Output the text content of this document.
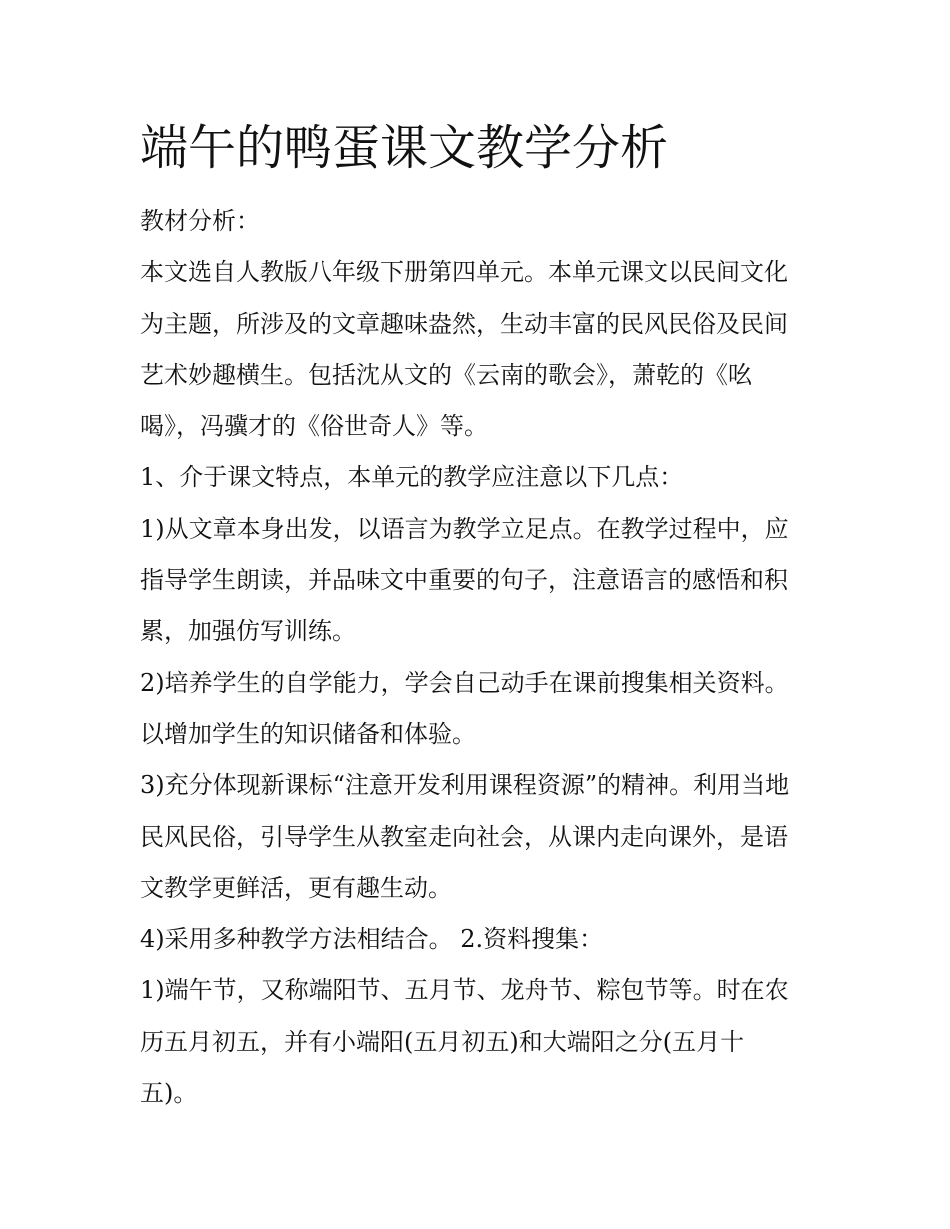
端午的鸭蛋课文教学分析
教材分析：
本文选自人教版八年级下册第四单元。本单元课文以民间文化
为主题，所涉及的文章趣味盎然，生动丰富的民风民俗及民间
艺术妙趣横生。包括沈从文的《云南的歌会》，萧乾的《吆
喝》，冯骥才的《俗世奇人》等。
1、介于课文特点，本单元的教学应注意以下几点：
1)从文章本身出发，以语言为教学立足点。在教学过程中，应
指导学生朗读，并品味文中重要的句子，注意语言的感悟和积
累，加强仿写训练。
2)培养学生的自学能力，学会自己动手在课前搜集相关资料。
以增加学生的知识储备和体验。
3)充分体现新课标“注意开发利用课程资源”的精神。利用当地
民风民俗，引导学生从教室走向社会，从课内走向课外，是语
文教学更鲜活，更有趣生动。
4)采用多种教学方法相结合。 2.资料搜集：
1)端午节，又称端阳节、五月节、龙舟节、粽包节等。时在农
历五月初五，并有小端阳(五月初五)和大端阳之分(五月十
五)。
